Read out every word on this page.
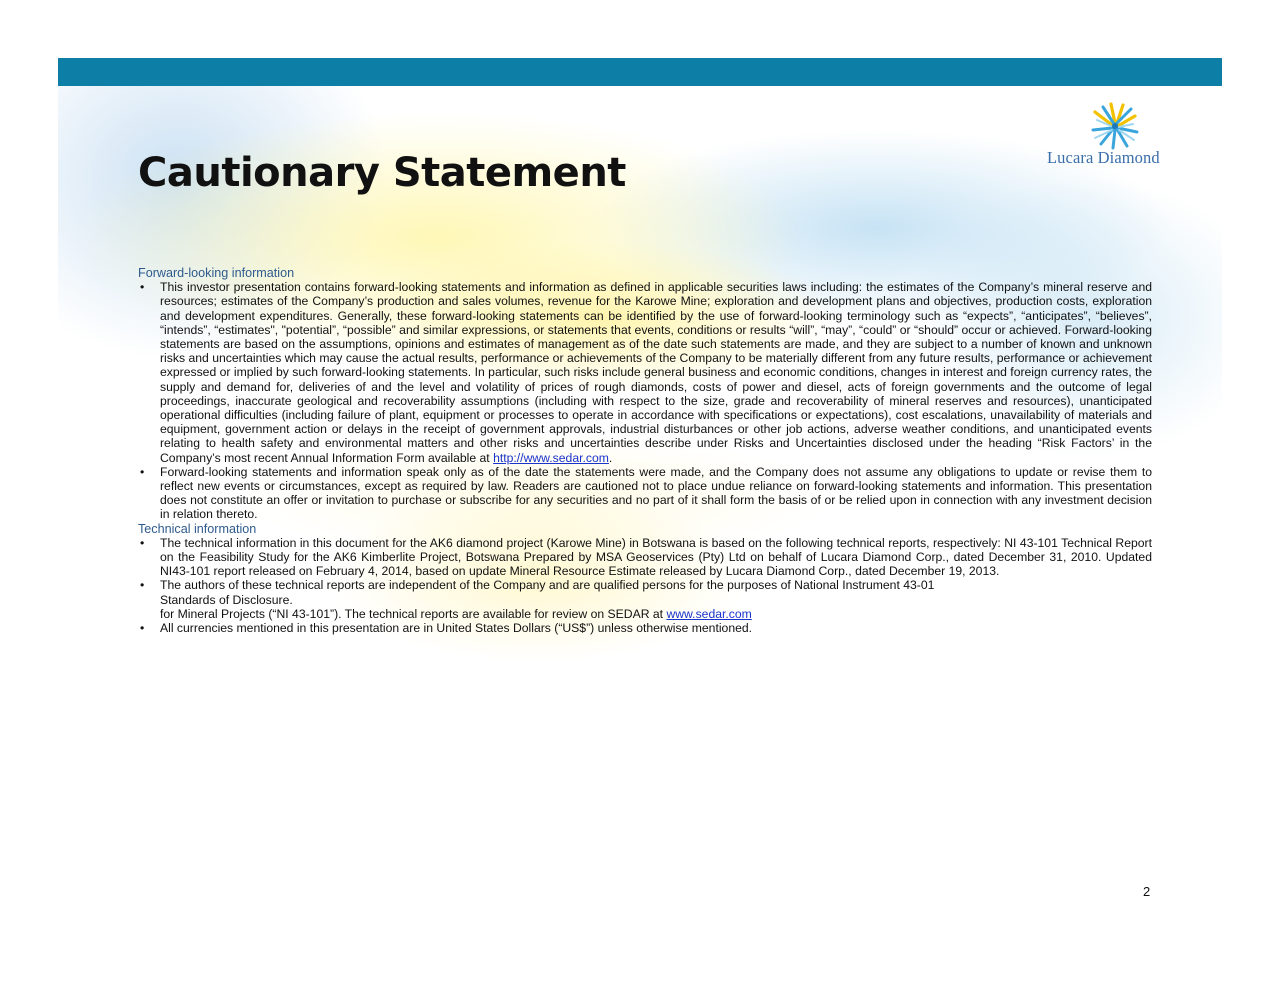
Lucara Diamond
Cautionary Statement
Forward-looking information
• This investor presentation contains forward-looking statements and information as defined in applicable securities laws including: the estimates of the Company’s mineral reserve and resources; estimates of the Company’s production and sales volumes, revenue for the Karowe Mine; exploration and development plans and objectives, production costs, exploration and development expenditures. Generally, these forward-looking statements can be identified by the use of forward-looking terminology such as “expects”, “anticipates”, “believes”, “intends”, “estimates", "potential”, “possible” and similar expressions, or statements that events, conditions or results “will”, “may”, “could” or “should” occur or achieved. Forward-looking statements are based on the assumptions, opinions and estimates of management as of the date such statements are made, and they are subject to a number of known and unknown risks and uncertainties which may cause the actual results, performance or achievements of the Company to be materially different from any future results, performance or achievement expressed or implied by such forward-looking statements. In particular, such risks include general business and economic conditions, changes in interest and foreign currency rates, the supply and demand for, deliveries of and the level and volatility of prices of rough diamonds, costs of power and diesel, acts of foreign governments and the outcome of legal proceedings, inaccurate geological and recoverability assumptions (including with respect to the size, grade and recoverability of mineral reserves and resources), unanticipated operational difficulties (including failure of plant, equipment or processes to operate in accordance with specifications or expectations), cost escalations, unavailability of materials and equipment, government action or delays in the receipt of government approvals, industrial disturbances or other job actions, adverse weather conditions, and unanticipated events relating to health safety and environmental matters and other risks and uncertainties describe under Risks and Uncertainties disclosed under the heading “Risk Factors’ in the Company’s most recent Annual Information Form available at http://www.sedar.com.

• Forward-looking statements and information speak only as of the date the statements were made, and the Company does not assume any obligations to update or revise them to reflect new events or circumstances, except as required by law. Readers are cautioned not to place undue reliance on forward-looking statements and information. This presentation does not constitute an offer or invitation to purchase or subscribe for any securities and no part of it shall form the basis of or be relied upon in connection with any investment decision in relation thereto.

Technical information
• The technical information in this document for the AK6 diamond project (Karowe Mine) in Botswana is based on the following technical reports, respectively: NI 43-101 Technical Report on the Feasibility Study for the AK6 Kimberlite Project, Botswana Prepared by MSA Geoservices (Pty) Ltd on behalf of Lucara Diamond Corp., dated December 31, 2010. Updated NI43-101 report released on February 4, 2014, based on update Mineral Resource Estimate released by Lucara Diamond Corp., dated December 19, 2013.

• The authors of these technical reports are independent of the Company and are qualified persons for the purposes of National Instrument 43-01

Standards of Disclosure.

for Mineral Projects (“NI 43-101”). The technical reports are available for review on SEDAR at www.sedar.com

• All currencies mentioned in this presentation are in United States Dollars (“US$”) unless otherwise mentioned.

2
